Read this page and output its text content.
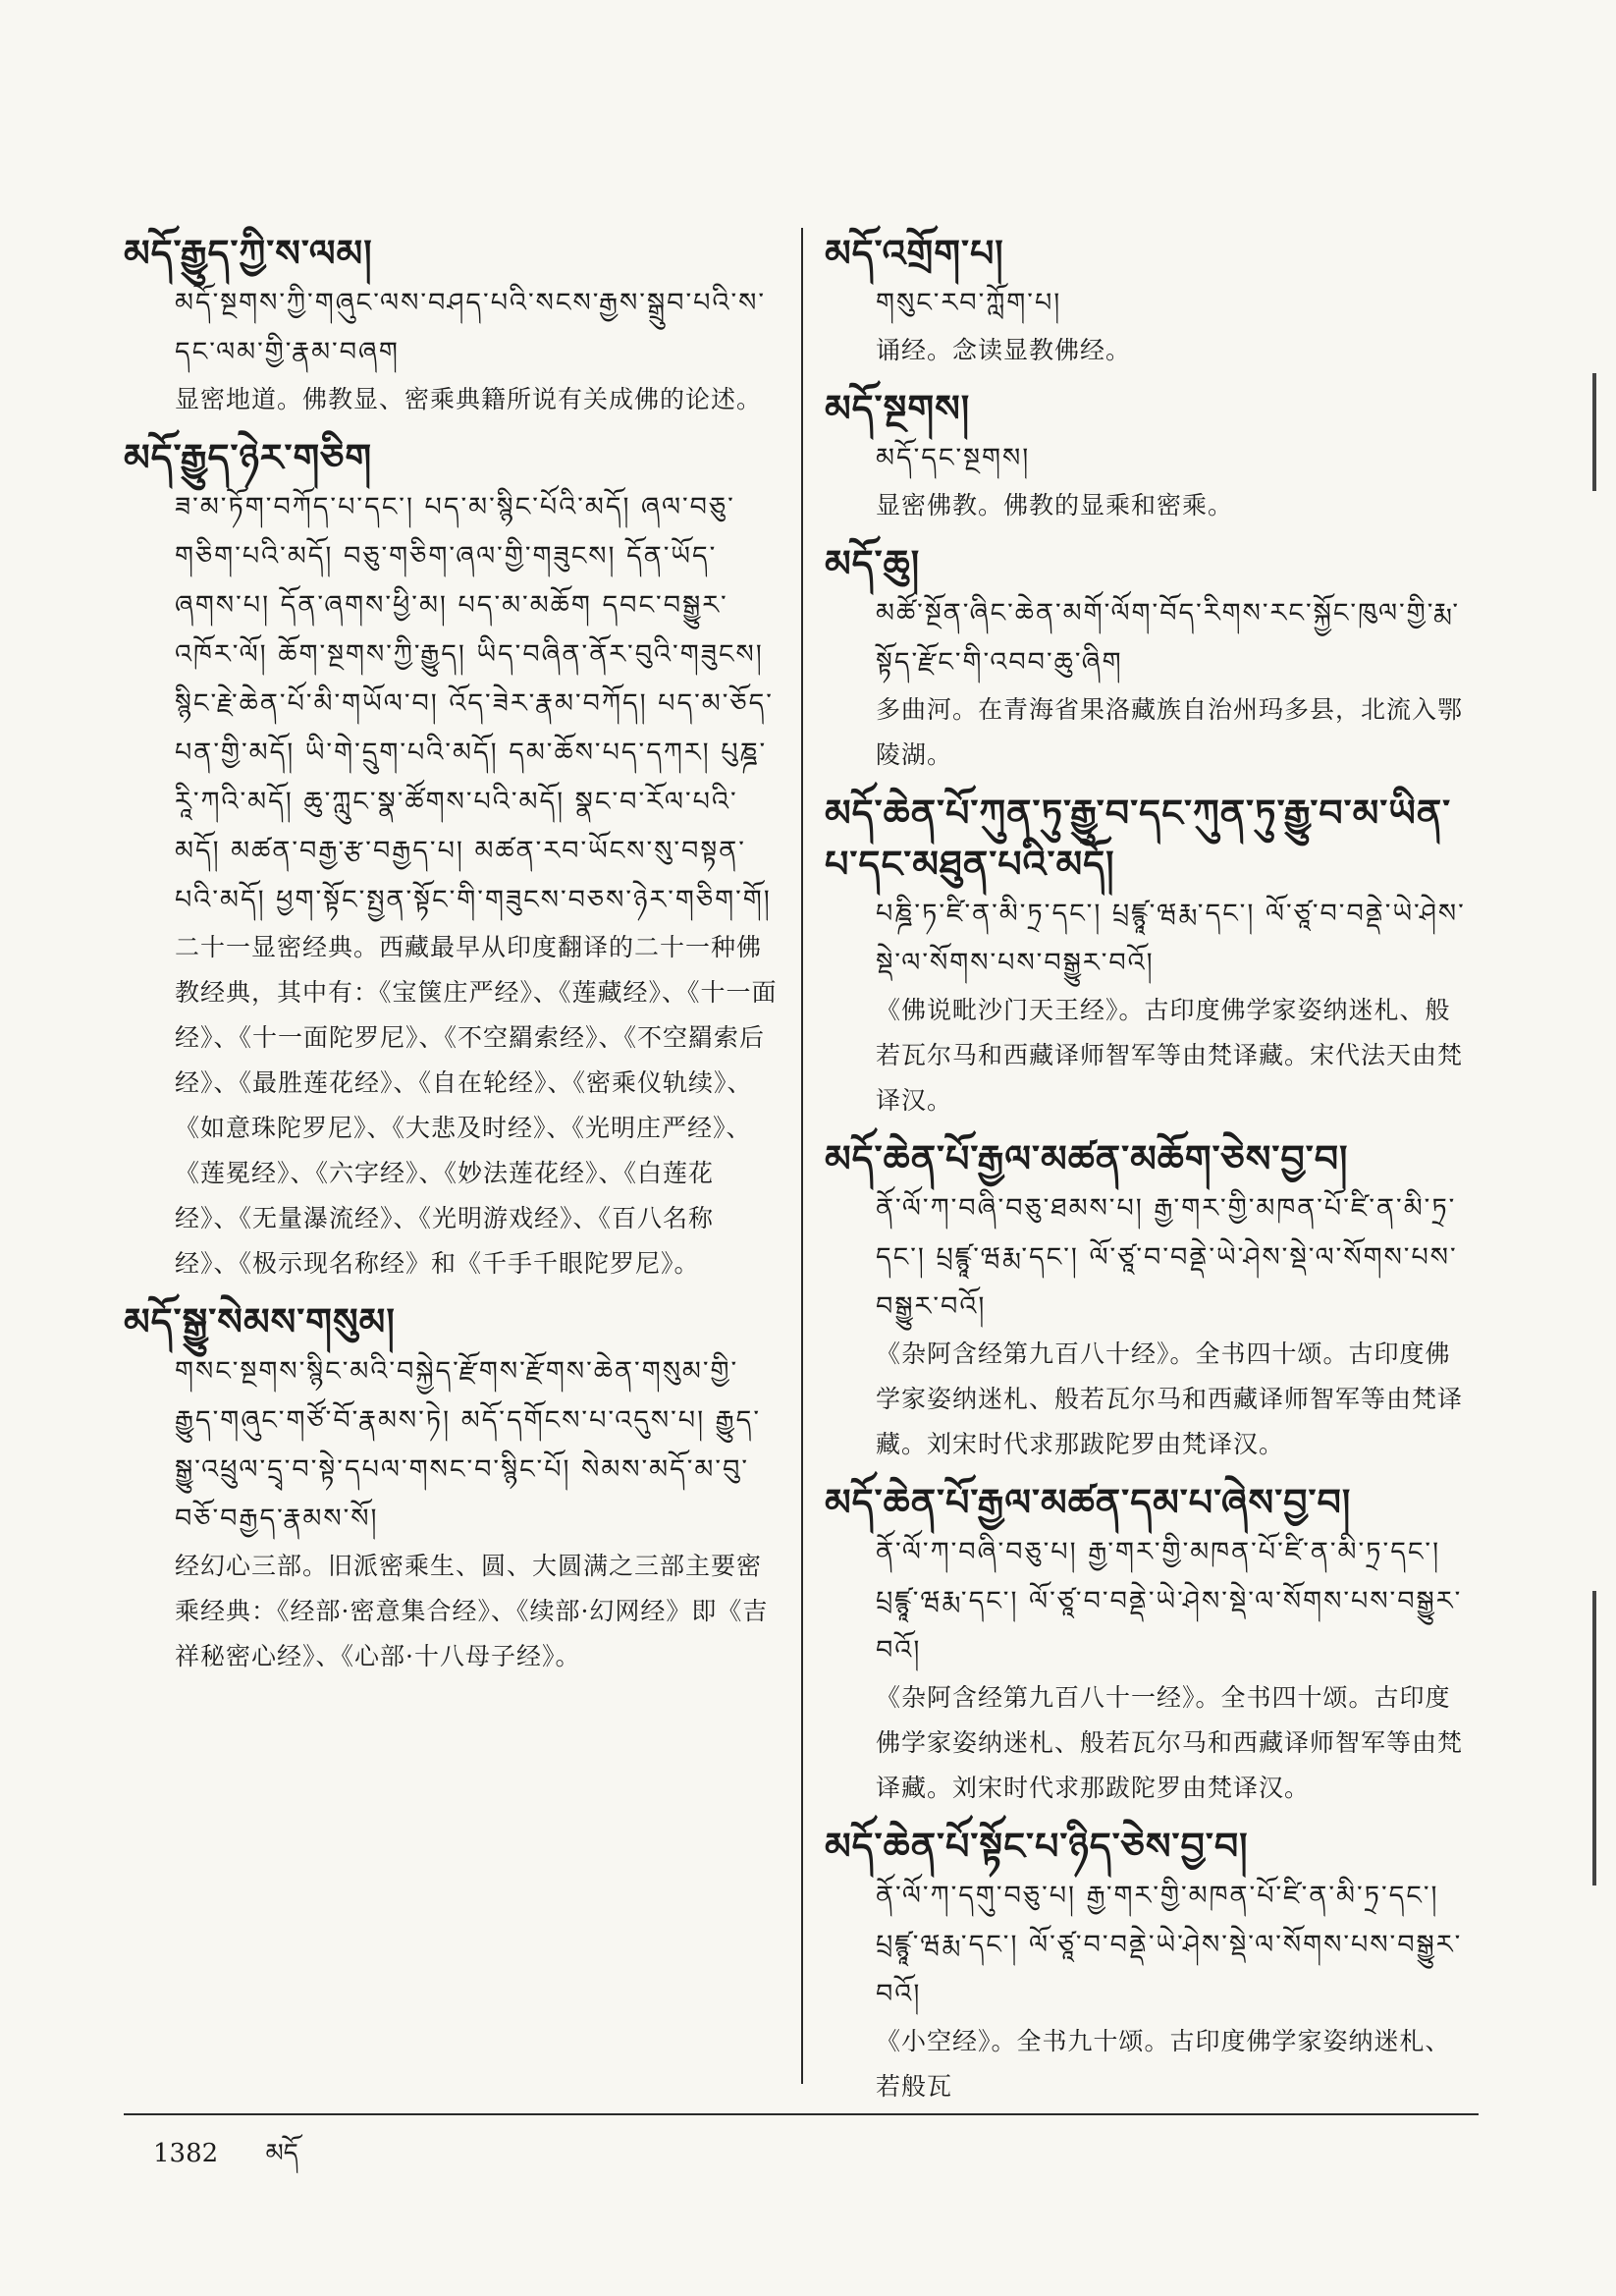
མདོ་རྒྱུད་ཀྱི་ས་ལམ།
མདོ་སྔགས་ཀྱི་གཞུང་ལས་བཤད་པའི་སངས་རྒྱས་སྒྲུབ་པའི་ས་དང་ལམ་གྱི་རྣམ་བཞག
显密地道。佛教显、密乘典籍所说有关成佛的论述。
མདོ་རྒྱུད་ཉེར་གཅིག
ཟ་མ་ཏོག་བཀོད་པ་དང་། པད་མ་སྙིང་པོའི་མདོ། ཞལ་བཅུ་གཅིག་པའི་མདོ། བཅུ་གཅིག་ཞལ་གྱི་གཟུངས། དོན་ཡོད་ཞགས་པ། དོན་ཞགས་ཕྱི་མ། པད་མ་མཆོག དབང་བསྒྱུར་འཁོར་ལོ། ཆོག་སྔགས་ཀྱི་རྒྱུད། ཡིད་བཞིན་ནོར་བུའི་གཟུངས། སྙིང་རྗེ་ཆེན་པོ་མི་གཡོལ་བ། འོད་ཟེར་རྣམ་བཀོད། པད་མ་ཅོད་པན་གྱི་མདོ། ཡི་གེ་དྲུག་པའི་མདོ། དམ་ཆོས་པད་དཀར། པུཎྜ་རཱི་ཀའི་མདོ། ཆུ་ཀླུང་སྣ་ཚོགས་པའི་མདོ། སྣང་བ་རོལ་པའི་མདོ། མཚན་བརྒྱ་རྩ་བརྒྱད་པ། མཚན་རབ་ཡོངས་སུ་བསྟན་པའི་མདོ། ཕྱག་སྟོང་སྤྱན་སྟོང་གི་གཟུངས་བཅས་ཉེར་གཅིག་གོ།
二十一显密经典。西藏最早从印度翻译的二十一种佛教经典，其中有：《宝箧庄严经》、《莲藏经》、《十一面经》、《十一面陀罗尼》、《不空羂索经》、《不空羂索后经》、《最胜莲花经》、《自在轮经》、《密乘仪轨续》、《如意珠陀罗尼》、《大悲及时经》、《光明庄严经》、《莲冕经》、《六字经》、《妙法莲花经》、《白莲花经》、《无量瀑流经》、《光明游戏经》、《百八名称经》、《极示现名称经》和《千手千眼陀罗尼》。
མདོ་སྒྱུ་སེམས་གསུམ།
གསང་སྔགས་སྙིང་མའི་བསྐྱེད་རྫོགས་རྫོགས་ཆེན་གསུམ་གྱི་རྒྱུད་གཞུང་གཙོ་བོ་རྣམས་ཏེ། མདོ་དགོངས་པ་འདུས་པ། རྒྱུད་སྒྱུ་འཕྲུལ་དྲྭ་བ་སྟེ་དཔལ་གསང་བ་སྙིང་པོ། སེམས་མདོ་མ་བུ་བཅོ་བརྒྱད་རྣམས་སོ།
经幻心三部。旧派密乘生、圆、大圆满之三部主要密乘经典：《经部·密意集合经》、《续部·幻网经》即《吉祥秘密心经》、《心部·十八母子经》。
མདོ་འགྲོག་པ།
གསུང་རབ་ཀློག་པ།
诵经。念读显教佛经。
མདོ་སྔགས།
མདོ་དང་སྔགས།
显密佛教。佛教的显乘和密乘。
མདོ་ཆུ།
མཚོ་སྔོན་ཞིང་ཆེན་མགོ་ལོག་བོད་རིགས་རང་སྐྱོང་ཁུལ་གྱི་རྨ་སྟོད་རྫོང་གི་འབབ་ཆུ་ཞིག
多曲河。在青海省果洛藏族自治州玛多县，北流入鄂陵湖。
མདོ་ཆེན་པོ་ཀུན་ཏུ་རྒྱུ་བ་དང་ཀུན་ཏུ་རྒྱུ་བ་མ་ཡིན་པ་དང་མཐུན་པའི་མདོ།
པཎྜི་ཏ་ཛི་ན་མི་ཏྲ་དང་། པྲཛྙཱ་ཝརྨ་དང་། ལོ་ཙཱ་བ་བནྡེ་ཡེ་ཤེས་སྡེ་ལ་སོགས་པས་བསྒྱུར་བའོ།
《佛说毗沙门天王经》。古印度佛学家姿纳迷札、般若瓦尔马和西藏译师智军等由梵译藏。宋代法天由梵译汉。
མདོ་ཆེན་པོ་རྒྱལ་མཚན་མཆོག་ཅེས་བྱ་བ།
ནོ་ལོ་ཀ་བཞི་བཅུ་ཐམས་པ། རྒྱ་གར་གྱི་མཁན་པོ་ཛི་ན་མི་ཏྲ་དང་། པྲཛྙཱ་ཝརྨ་དང་། ལོ་ཙཱ་བ་བནྡེ་ཡེ་ཤེས་སྡེ་ལ་སོགས་པས་བསྒྱུར་བའོ།
《杂阿含经第九百八十经》。全书四十颂。古印度佛学家姿纳迷札、般若瓦尔马和西藏译师智军等由梵译藏。刘宋时代求那跋陀罗由梵译汉。
མདོ་ཆེན་པོ་རྒྱལ་མཚན་དམ་པ་ཞེས་བྱ་བ།
ནོ་ལོ་ཀ་བཞི་བཅུ་པ། རྒྱ་གར་གྱི་མཁན་པོ་ཛི་ན་མི་ཏྲ་དང་། པྲཛྙཱ་ཝརྨ་དང་། ལོ་ཙཱ་བ་བནྡེ་ཡེ་ཤེས་སྡེ་ལ་སོགས་པས་བསྒྱུར་བའོ།
《杂阿含经第九百八十一经》。全书四十颂。古印度佛学家姿纳迷札、般若瓦尔马和西藏译师智军等由梵译藏。刘宋时代求那跋陀罗由梵译汉。
མདོ་ཆེན་པོ་སྟོང་པ་ཉིད་ཅེས་བྱ་བ།
ནོ་ལོ་ཀ་དགུ་བཅུ་པ། རྒྱ་གར་གྱི་མཁན་པོ་ཛི་ན་མི་ཏྲ་དང་། པྲཛྙཱ་ཝརྨ་དང་། ལོ་ཙཱ་བ་བནྡེ་ཡེ་ཤེས་སྡེ་ལ་སོགས་པས་བསྒྱུར་བའོ།
《小空经》。全书九十颂。古印度佛学家姿纳迷札、若般瓦
1382 མདོ
